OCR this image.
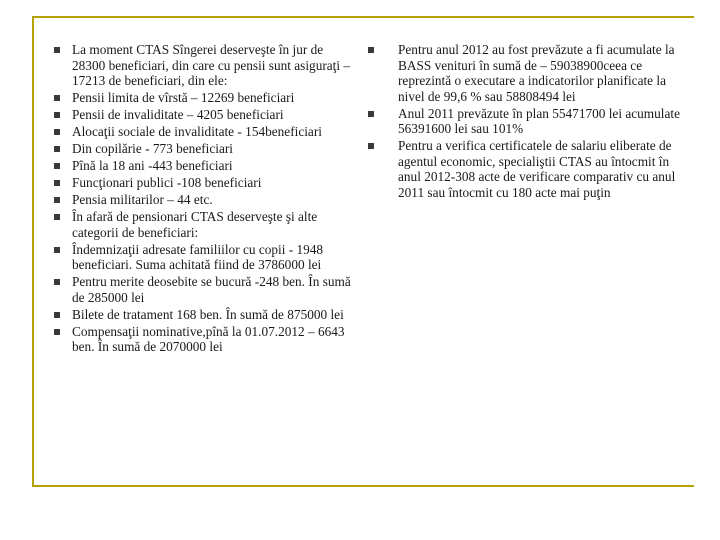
La moment CTAS Sîngerei deserveşte în jur de 28300 beneficiari, din care cu pensii sunt asiguraţi – 17213 de beneficiari, din ele:
Pensii limita de vîrstă – 12269 beneficiari
Pensii de invaliditate – 4205 beneficiari
Alocaţii sociale de invaliditate - 154beneficiari
Din copilărie - 773 beneficiari
Pînă la 18 ani -443 beneficiari
Funcţionari publici -108 beneficiari
Pensia militarilor – 44 etc.
În afară de pensionari CTAS deserveşte şi alte categorii de beneficiari:
Îndemnizaţii adresate familiilor cu copii - 1948 beneficiari. Suma achitată fiind de 3786000 lei
Pentru merite deosebite se bucură -248 ben. În sumă de 285000 lei
Bilete de tratament 168 ben. În sumă de 875000 lei
Compensaţii nominative,pînă la 01.07.2012 – 6643 ben. În sumă de 2070000 lei
Pentru anul 2012 au fost prevăzute a fi acumulate la BASS venituri în sumă de – 59038900ceea ce reprezintă o executare a indicatorilor planificate la nivel de 99,6 % sau 58808494 lei
Anul 2011 prevăzute în plan 55471700 lei acumulate 56391600 lei sau 101%
Pentru a verifica certificatele de salariu eliberate de agentul economic, specialiştii CTAS au întocmit în anul 2012-308 acte de verificare comparativ cu anul 2011 sau întocmit cu 180 acte mai puţin
